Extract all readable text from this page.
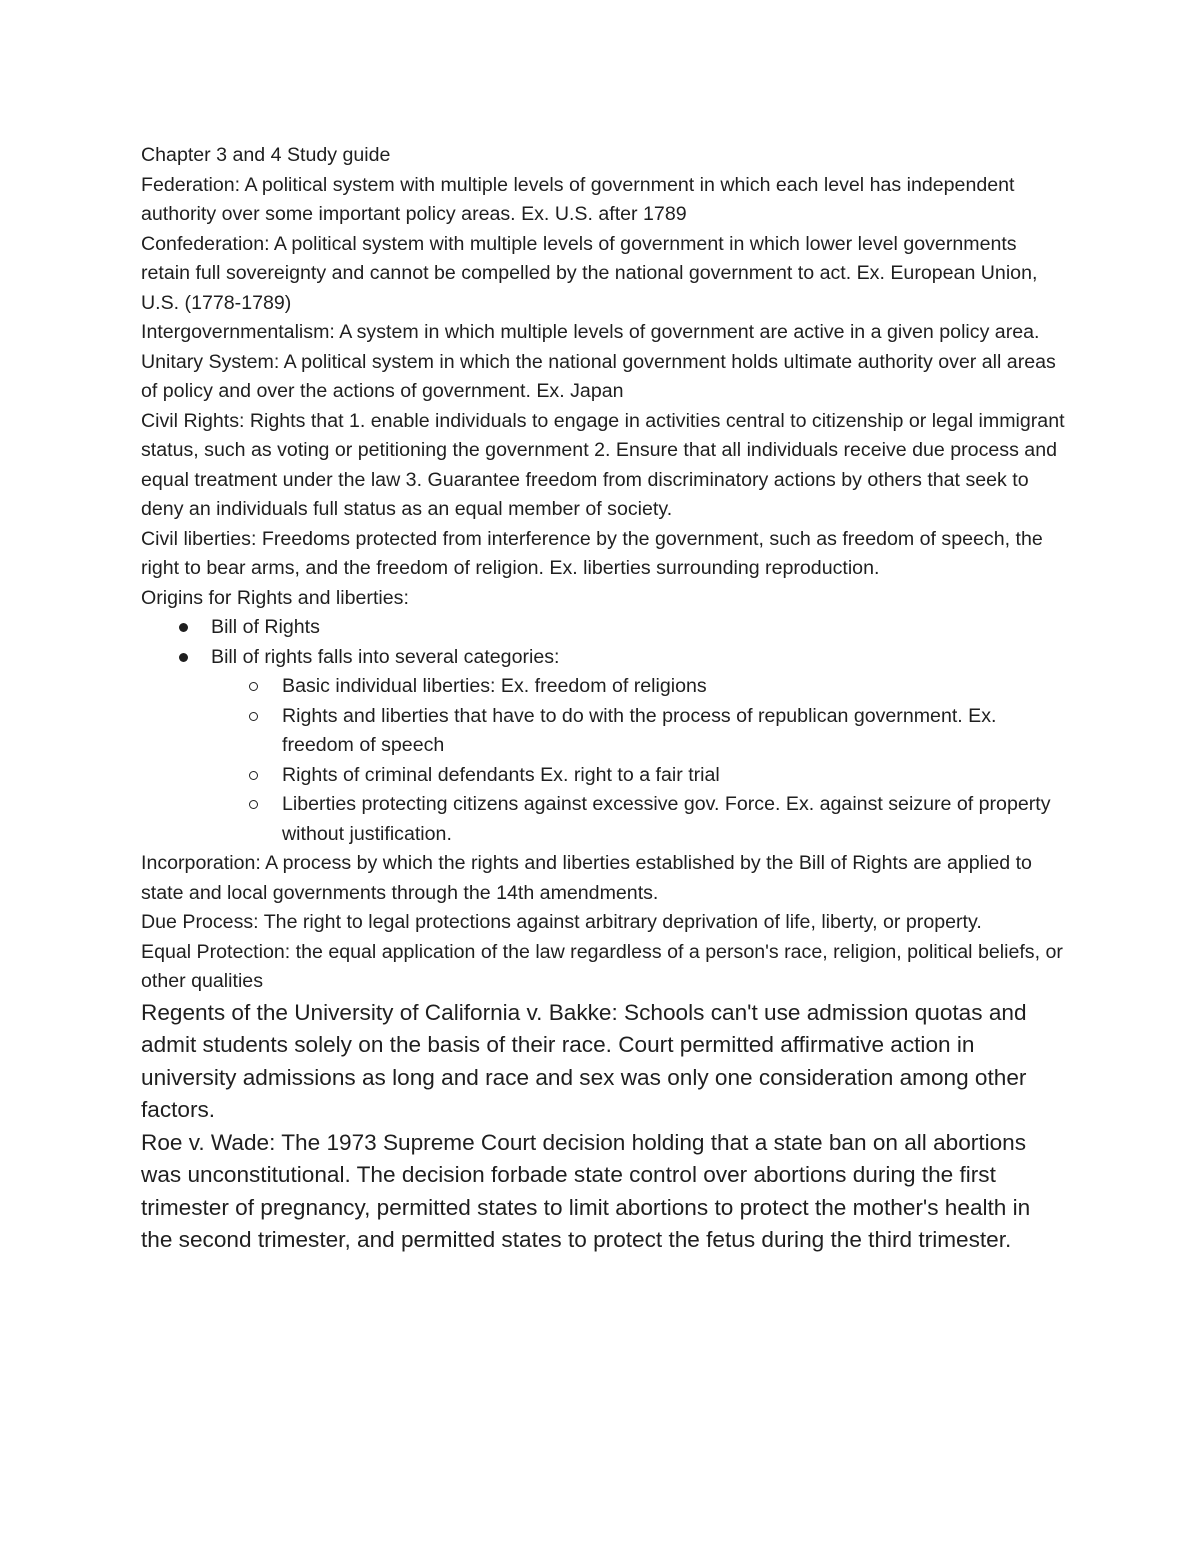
Chapter 3 and 4 Study guide

Federation: A political system with multiple levels of government in which each level has independent authority over some important policy areas. Ex. U.S. after 1789

Confederation: A political system with multiple levels of government in which lower level governments retain full sovereignty and cannot be compelled by the national government to act. Ex. European Union, U.S. (1778-1789)

Intergovernmentalism: A system in which multiple levels of government are active in a given policy area.

Unitary System: A political system in which the national government holds ultimate authority over all areas of policy and over the actions of government. Ex. Japan

Civil Rights: Rights that 1. enable individuals to engage in activities central to citizenship or legal immigrant status, such as voting or petitioning the government 2. Ensure that all individuals receive due process and equal treatment under the law 3. Guarantee freedom from discriminatory actions by others that seek to deny an individuals full status as an equal member of society.

Civil liberties: Freedoms protected from interference by the government, such as freedom of speech, the right to bear arms, and the freedom of religion. Ex. liberties surrounding reproduction.

Origins for Rights and liberties:

Bill of Rights
Bill of rights falls into several categories:
Basic individual liberties: Ex. freedom of religions
Rights and liberties that have to do with the process of republican government. Ex. freedom of speech
Rights of criminal defendants Ex. right to a fair trial
Liberties protecting citizens against excessive gov. Force. Ex. against seizure of property without justification.

Incorporation: A process by which the rights and liberties established by the Bill of Rights are applied to state and local governments through the 14th amendments.

Due Process: The right to legal protections against arbitrary deprivation of life, liberty, or property.

Equal Protection: the equal application of the law regardless of a person's race, religion, political beliefs, or other qualities

Regents of the University of California v. Bakke: Schools can't use admission quotas and admit students solely on the basis of their race. Court permitted affirmative action in university admissions as long and race and sex was only one consideration among other factors.

Roe v. Wade: The 1973 Supreme Court decision holding that a state ban on all abortions was unconstitutional. The decision forbade state control over abortions during the first trimester of pregnancy, permitted states to limit abortions to protect the mother's health in the second trimester, and permitted states to protect the fetus during the third trimester.
